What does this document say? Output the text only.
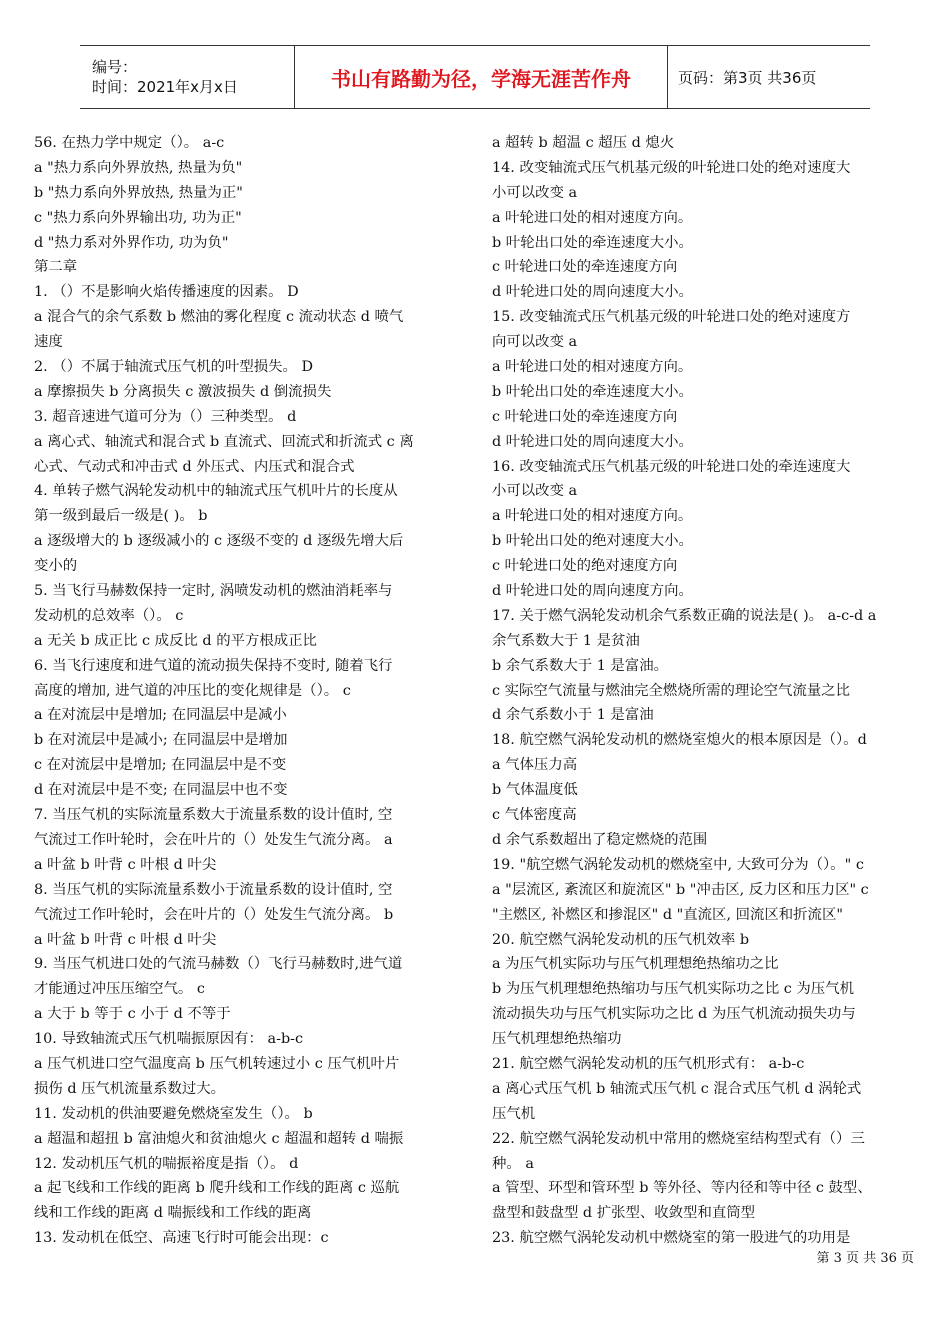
编号：
时间：2021年x月x日	书山有路勤为径，学海无涯苦作舟	页码：第3页 共36页
56. 在热力学中规定（）。 a-c
a "热力系向外界放热, 热量为负"
b "热力系向外界放热, 热量为正"
c "热力系向外界输出功, 功为正"
d "热力系对外界作功, 功为负"
第二章
1. （）不是影响火焰传播速度的因素。 D
a 混合气的余气系数 b 燃油的雾化程度 c 流动状态 d 喷气
速度
2. （）不属于轴流式压气机的叶型损失。 D
a 摩擦损失 b 分离损失 c 激波损失 d 倒流损失
3. 超音速进气道可分为（）三种类型。 d
a 离心式、轴流式和混合式 b 直流式、回流式和折流式 c 离
心式、气动式和冲击式 d 外压式、内压式和混合式
4. 单转子燃气涡轮发动机中的轴流式压气机叶片的长度从
第一级到最后一级是( )。 b
a 逐级增大的 b 逐级减小的 c 逐级不变的 d 逐级先增大后
变小的
5. 当飞行马赫数保持一定时, 涡喷发动机的燃油消耗率与
发动机的总效率（）。 c
a 无关 b 成正比 c 成反比 d 的平方根成正比
6. 当飞行速度和进气道的流动损失保持不变时, 随着飞行
高度的增加, 进气道的冲压比的变化规律是（）。 c
a 在对流层中是增加; 在同温层中是减小
b 在对流层中是减小; 在同温层中是增加
c 在对流层中是增加; 在同温层中是不变
d 在对流层中是不变; 在同温层中也不变
7. 当压气机的实际流量系数大于流量系数的设计值时, 空
气流过工作叶轮时，会在叶片的（）处发生气流分离。 a
a 叶盆 b 叶背 c 叶根 d 叶尖
8. 当压气机的实际流量系数小于流量系数的设计值时, 空
气流过工作叶轮时，会在叶片的（）处发生气流分离。 b
a 叶盆 b 叶背 c 叶根 d 叶尖
9. 当压气机进口处的气流马赫数（）飞行马赫数时,进气道
才能通过冲压压缩空气。 c
a 大于 b 等于 c 小于 d 不等于
10. 导致轴流式压气机喘振原因有： a-b-c
a 压气机进口空气温度高 b 压气机转速过小 c 压气机叶片
损伤 d 压气机流量系数过大。
11. 发动机的供油要避免燃烧室发生（）。 b
a 超温和超扭 b 富油熄火和贫油熄火 c 超温和超转 d 喘振
12. 发动机压气机的喘振裕度是指（）。 d
a 起飞线和工作线的距离 b 爬升线和工作线的距离 c 巡航
线和工作线的距离 d 喘振线和工作线的距离
13. 发动机在低空、高速飞行时可能会出现：c
a 超转 b 超温 c 超压 d 熄火
14. 改变轴流式压气机基元级的叶轮进口处的绝对速度大
小可以改变 a
a 叶轮进口处的相对速度方向。
b 叶轮出口处的牵连速度大小。
c 叶轮进口处的牵连速度方向
d 叶轮进口处的周向速度大小。
15. 改变轴流式压气机基元级的叶轮进口处的绝对速度方
向可以改变 a
a 叶轮进口处的相对速度方向。
b 叶轮出口处的牵连速度大小。
c 叶轮进口处的牵连速度方向
d 叶轮进口处的周向速度大小。
16. 改变轴流式压气机基元级的叶轮进口处的牵连速度大
小可以改变 a
a 叶轮进口处的相对速度方向。
b 叶轮出口处的绝对速度大小。
c 叶轮进口处的绝对速度方向
d 叶轮进口处的周向速度方向。
17. 关于燃气涡轮发动机余气系数正确的说法是( )。 a-c-d a
余气系数大于 1 是贫油
b 余气系数大于 1 是富油。
c 实际空气流量与燃油完全燃烧所需的理论空气流量之比
d 余气系数小于 1 是富油
18. 航空燃气涡轮发动机的燃烧室熄火的根本原因是（）。d
a 气体压力高
b 气体温度低
c 气体密度高
d 余气系数超出了稳定燃烧的范围
19. "航空燃气涡轮发动机的燃烧室中, 大致可分为（）。" c
a "层流区, 紊流区和旋流区" b "冲击区, 反力区和压力区" c
"主燃区, 补燃区和掺混区" d "直流区, 回流区和折流区"
20. 航空燃气涡轮发动机的压气机效率 b
a 为压气机实际功与压气机理想绝热缩功之比
b 为压气机理想绝热缩功与压气机实际功之比 c 为压气机
流动损失功与压气机实际功之比 d 为压气机流动损失功与
压气机理想绝热缩功
21. 航空燃气涡轮发动机的压气机形式有： a-b-c
a 离心式压气机 b 轴流式压气机 c 混合式压气机 d 涡轮式
压气机
22. 航空燃气涡轮发动机中常用的燃烧室结构型式有（）三
种。 a
a 管型、环型和管环型 b 等外径、等内径和等中径 c 鼓型、
盘型和鼓盘型 d 扩张型、收敛型和直筒型
23. 航空燃气涡轮发动机中燃烧室的第一股进气的功用是
第 3 页 共 36 页
